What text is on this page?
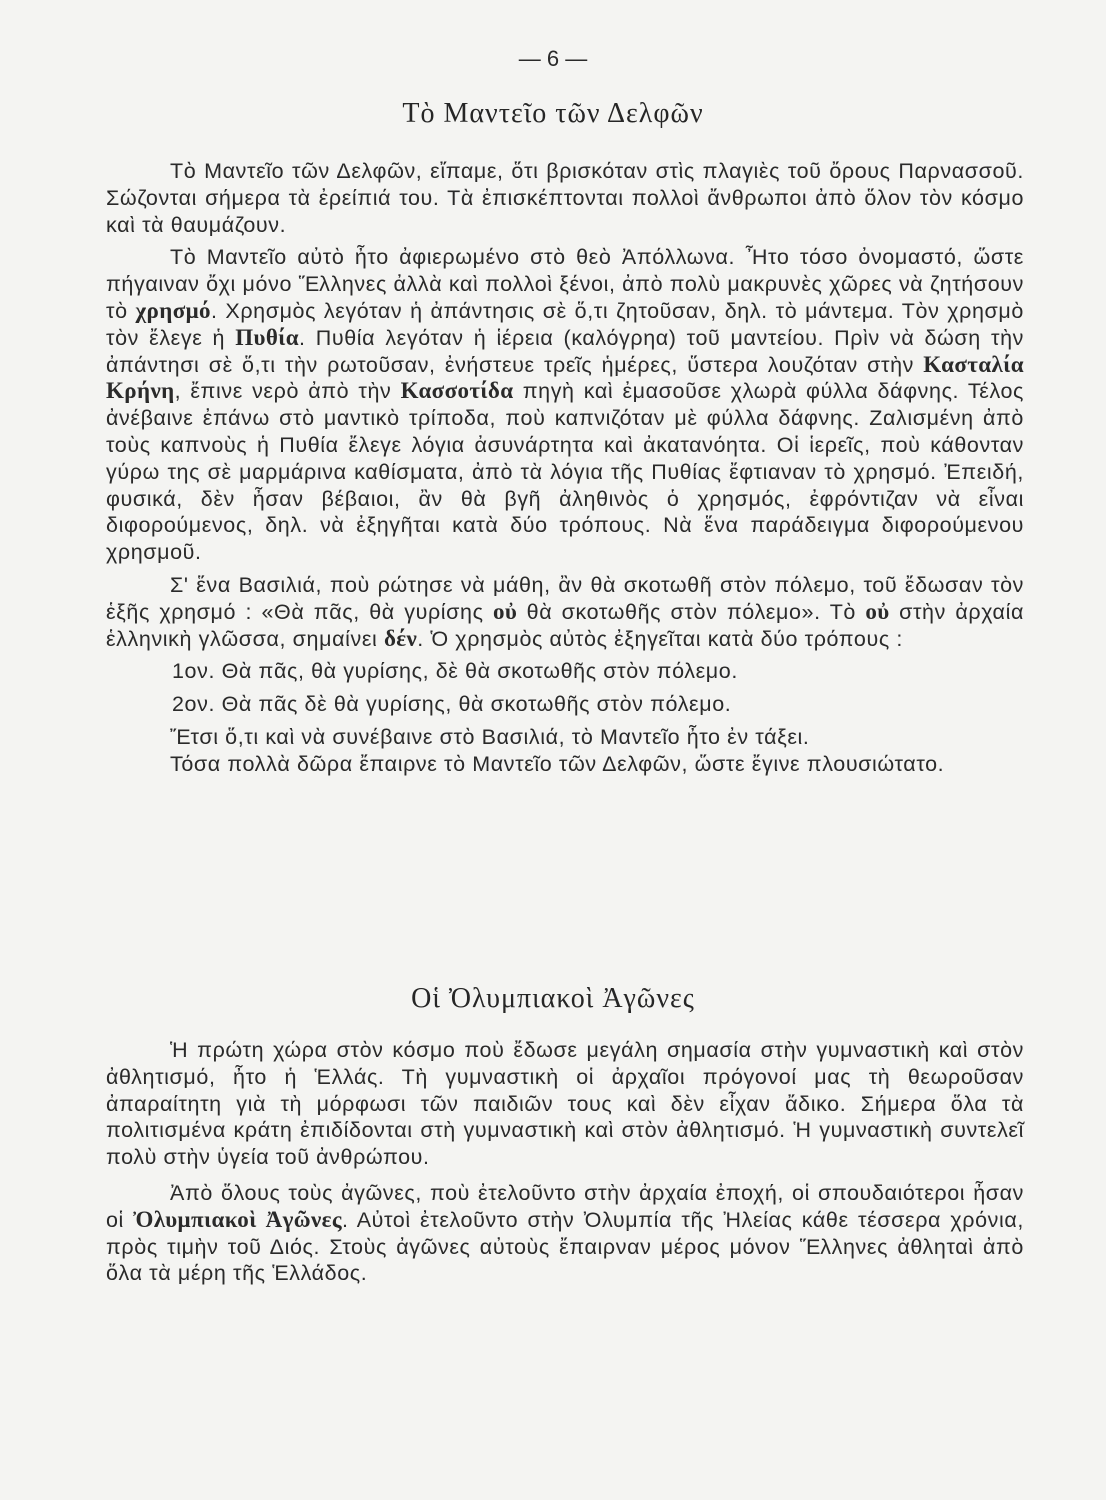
— 6 —
Τὸ Μαντεῖο τῶν Δελφῶν

Τὸ Μαντεῖο τῶν Δελφῶν, εἴπαμε, ὅτι βρισκόταν στὶς πλαγιὲς τοῦ ὄρους Παρνασσοῦ. Σώζονται σήμερα τὰ ἐρείπιά του. Τὰ ἐπισκέπτονται πολλοὶ ἄνθρωποι ἀπὸ ὅλον τὸν κόσμο καὶ τὰ θαυμάζουν.

Τὸ Μαντεῖο αὐτὸ ἦτο ἀφιερωμένο στὸ θεὸ Ἀπόλλωνα. Ἦτο τόσο ὀνομαστό, ὥστε πήγαιναν ὄχι μόνο Ἕλληνες ἀλλὰ καὶ πολλοὶ ξένοι, ἀπὸ πολὺ μακρυνὲς χῶρες νὰ ζητήσουν τὸ χρησμό. Χρησμὸς λεγόταν ἡ ἀπάντησις σὲ ὅ,τι ζητοῦσαν, δηλ. τὸ μάντεμα. Τὸν χρησμὸ τὸν ἔλεγε ἡ Πυθία. Πυθία λεγόταν ἡ ἱέρεια (καλόγρηα) τοῦ μαντείου. Πρὶν νὰ δώση τὴν ἀπάντησι σὲ ὅ,τι τὴν ρωτοῦσαν, ἐνήστευε τρεῖς ἡμέρες, ὕστερα λουζόταν στὴν Κασταλία Κρήνη, ἔπινε νερὸ ἀπὸ τὴν Κασσοτίδα πηγὴ καὶ ἐμασοῦσε χλωρὰ φύλλα δάφνης. Τέλος ἀνέβαινε ἐπάνω στὸ μαντικὸ τρίποδα, ποὺ καπνιζόταν μὲ φύλλα δάφνης. Ζαλισμένη ἀπὸ τοὺς καπνοὺς ἡ Πυθία ἔλεγε λόγια ἀσυνάρτητα καὶ ἀκατανόητα. Οἱ ἱερεῖς, ποὺ κάθονταν γύρω της σὲ μαρμάρινα καθίσματα, ἀπὸ τὰ λόγια τῆς Πυθίας ἔφτιαναν τὸ χρησμό. Ἐπειδή, φυσικά, δὲν ἦσαν βέβαιοι, ἂν θὰ βγῆ ἀληθινὸς ὁ χρησμός, ἐφρόντιζαν νὰ εἶναι διφορούμενος, δηλ. νὰ ἐξηγῆται κατὰ δύο τρόπους. Νὰ ἕνα παράδειγμα διφορούμενου χρησμοῦ.

Σ' ἕνα Βασιλιά, ποὺ ρώτησε νὰ μάθη, ἂν θὰ σκοτωθῆ στὸν πόλεμο, τοῦ ἔδωσαν τὸν ἑξῆς χρησμό : «Θὰ πᾶς, θὰ γυρίσης οὐ θὰ σκοτωθῆς στὸν πόλεμο». Τὸ οὐ στὴν ἀρχαία ἑλληνικὴ γλῶσσα, σημαίνει δέν. Ὁ χρησμὸς αὐτὸς ἐξηγεῖται κατὰ δύο τρόπους :

1ον. Θὰ πᾶς, θὰ γυρίσης, δὲ θὰ σκοτωθῆς στὸν πόλεμο.

2ον. Θὰ πᾶς δὲ θὰ γυρίσης, θὰ σκοτωθῆς στὸν πόλεμο.

Ἔτσι ὅ,τι καὶ νὰ συνέβαινε στὸ Βασιλιά, τὸ Μαντεῖο ἦτο ἐν τάξει.

Τόσα πολλὰ δῶρα ἔπαιρνε τὸ Μαντεῖο τῶν Δελφῶν, ὥστε ἔγινε πλουσιώτατο.

Οἱ Ὀλυμπιακοὶ Ἀγῶνες

Ἡ πρώτη χώρα στὸν κόσμο ποὺ ἔδωσε μεγάλη σημασία στὴν γυμναστικὴ καὶ στὸν ἀθλητισμό, ἦτο ἡ Ἑλλάς. Τὴ γυμναστικὴ οἱ ἀρχαῖοι πρόγονοί μας τὴ θεωροῦσαν ἀπαραίτητη γιὰ τὴ μόρφωσι τῶν παιδιῶν τους καὶ δὲν εἶχαν ἄδικο. Σήμερα ὅλα τὰ πολιτισμένα κράτη ἐπιδίδονται στὴ γυμναστικὴ καὶ στὸν ἀθλητισμό. Ἡ γυμναστικὴ συντελεῖ πολὺ στὴν ὑγεία τοῦ ἀνθρώπου.

Ἀπὸ ὅλους τοὺς ἀγῶνες, ποὺ ἐτελοῦντο στὴν ἀρχαία ἐποχή, οἱ σπουδαιότεροι ἦσαν οἱ Ὀλυμπιακοὶ Ἀγῶνες. Αὐτοὶ ἐτελοῦντο στὴν Ὀλυμπία τῆς Ἠλείας κάθε τέσσερα χρόνια, πρὸς τιμὴν τοῦ Διός. Στοὺς ἀγῶνες αὐτοὺς ἔπαιρναν μέρος μόνον Ἕλληνες ἀθληταὶ ἀπὸ ὅλα τὰ μέρη τῆς Ἑλλάδος.
